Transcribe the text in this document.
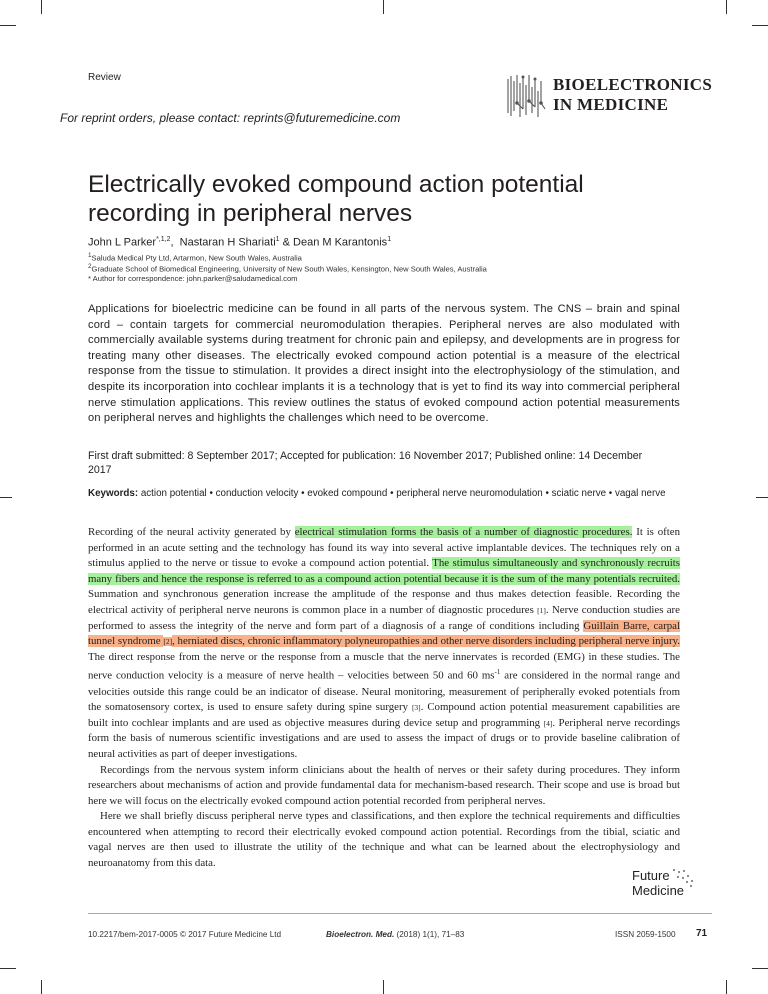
Review
For reprint orders, please contact: reprints@futuremedicine.com
BIOELECTRONICS
IN MEDICINE
Electrically evoked compound action potential recording in peripheral nerves
John L Parker$^{*,1,2}$,  Nastaran H Shariati$^1$ & Dean M Karantonis$^1$
$^1$Saluda Medical Pty Ltd, Artarmon, New South Wales, Australia
$^2$Graduate School of Biomedical Engineering, University of New South Wales, Kensington, New South Wales, Australia
* Author for correspondence: john.parker@saludamedical.com
Applications for bioelectric medicine can be found in all parts of the nervous system. The CNS – brain and spinal cord – contain targets for commercial neuromodulation therapies. Peripheral nerves are also modulated with commercially available systems during treatment for chronic pain and epilepsy, and developments are in progress for treating many other diseases. The electrically evoked compound action potential is a measure of the electrical response from the tissue to stimulation. It provides a direct insight into the electrophysiology of the stimulation, and despite its incorporation into cochlear implants it is a technology that is yet to find its way into commercial peripheral nerve stimulation applications. This review outlines the status of evoked compound action potential measurements on peripheral nerves and highlights the challenges which need to be overcome.
First draft submitted: 8 September 2017; Accepted for publication: 16 November 2017; Published online: 14 December 2017
Keywords: action potential • conduction velocity • evoked compound • peripheral nerve neuromodulation • sciatic nerve • vagal nerve

Recording of the neural activity generated by electrical stimulation forms the basis of a number of diagnostic procedures. It is often performed in an acute setting and the technology has found its way into several active implantable devices. The techniques rely on a stimulus applied to the nerve or tissue to evoke a compound action potential. The stimulus simultaneously and synchronously recruits many fibers and hence the response is referred to as a compound action potential because it is the sum of the many potentials recruited. Summation and synchronous generation increase the amplitude of the response and thus makes detection feasible. Recording the electrical activity of peripheral nerve neurons is common place in a number of diagnostic procedures [1]. Nerve conduction studies are performed to assess the integrity of the nerve and form part of a diagnosis of a range of conditions including Guillain Barre, carpal tunnel syndrome [2], herniated discs, chronic inflammatory polyneuropathies and other nerve disorders including peripheral nerve injury. The direct response from the nerve or the response from a muscle that the nerve innervates is recorded (EMG) in these studies. The nerve conduction velocity is a measure of nerve health – velocities between 50 and 60 $ms^{-1}$ are considered in the normal range and velocities outside this range could be an indicator of disease. Neural monitoring, measurement of peripherally evoked potentials from the somatosensory cortex, is used to ensure safety during spine surgery [3]. Compound action potential measurement capabilities are built into cochlear implants and are used as objective measures during device setup and programming [4]. Peripheral nerve recordings form the basis of numerous scientific investigations and are used to assess the impact of drugs or to provide baseline calibration of neural activities as part of deeper investigations.

Recordings from the nervous system inform clinicians about the health of nerves or their safety during procedures. They inform researchers about mechanisms of action and provide fundamental data for mechanism-based research. Their scope and use is broad but here we will focus on the electrically evoked compound action potential recorded from peripheral nerves.

Here we shall briefly discuss peripheral nerve types and classifications, and then explore the technical requirements and difficulties encountered when attempting to record their electrically evoked compound action potential. Recordings from the tibial, sciatic and vagal nerves are then used to illustrate the utility of the technique and what can be learned about the electrophysiology and neuroanatomy from this data.

Future
Medicine
10.2217/bem-2017-0005 © 2017 Future Medicine Ltd	Bioelectron. Med. (2018) 1(1), 71–83	ISSN 2059-1500 71
